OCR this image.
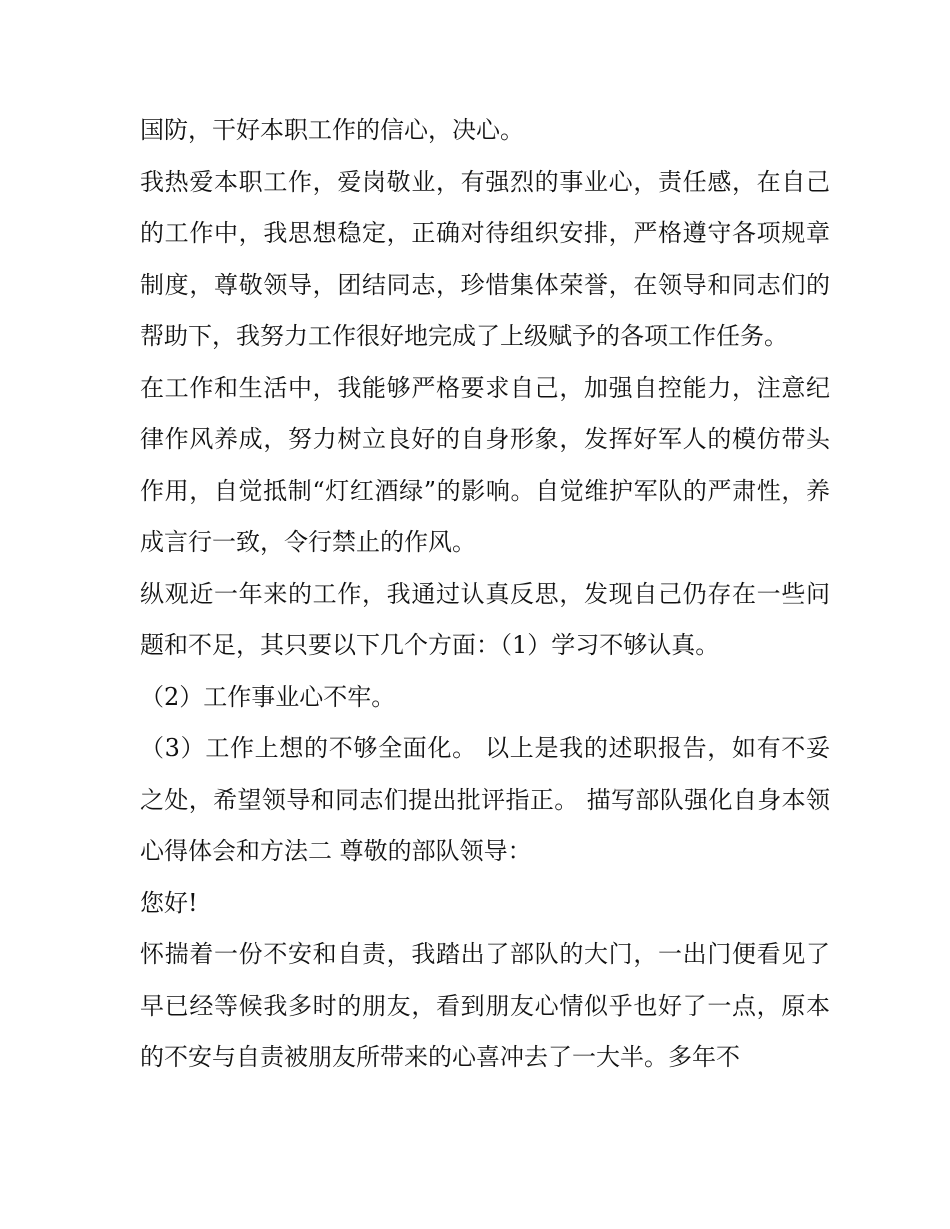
国防，干好本职工作的信心，决心。

我热爱本职工作，爱岗敬业，有强烈的事业心，责任感，在自己的工作中，我思想稳定，正确对待组织安排，严格遵守各项规章制度，尊敬领导，团结同志，珍惜集体荣誉，在领导和同志们的帮助下，我努力工作很好地完成了上级赋予的各项工作任务。

在工作和生活中，我能够严格要求自己，加强自控能力，注意纪律作风养成，努力树立良好的自身形象，发挥好军人的模仿带头作用，自觉抵制“灯红酒绿”的影响。自觉维护军队的严肃性，养成言行一致，令行禁止的作风。

纵观近一年来的工作，我通过认真反思，发现自己仍存在一些问题和不足，其只要以下几个方面：（1）学习不够认真。

（2）工作事业心不牢。

（3）工作上想的不够全面化。 以上是我的述职报告，如有不妥之处，希望领导和同志们提出批评指正。 描写部队强化自身本领心得体会和方法二 尊敬的部队领导：

您好!

怀揣着一份不安和自责，我踏出了部队的大门，一出门便看见了早已经等候我多时的朋友，看到朋友心情似乎也好了一点，原本的不安与自责被朋友所带来的心喜冲去了一大半。多年不
